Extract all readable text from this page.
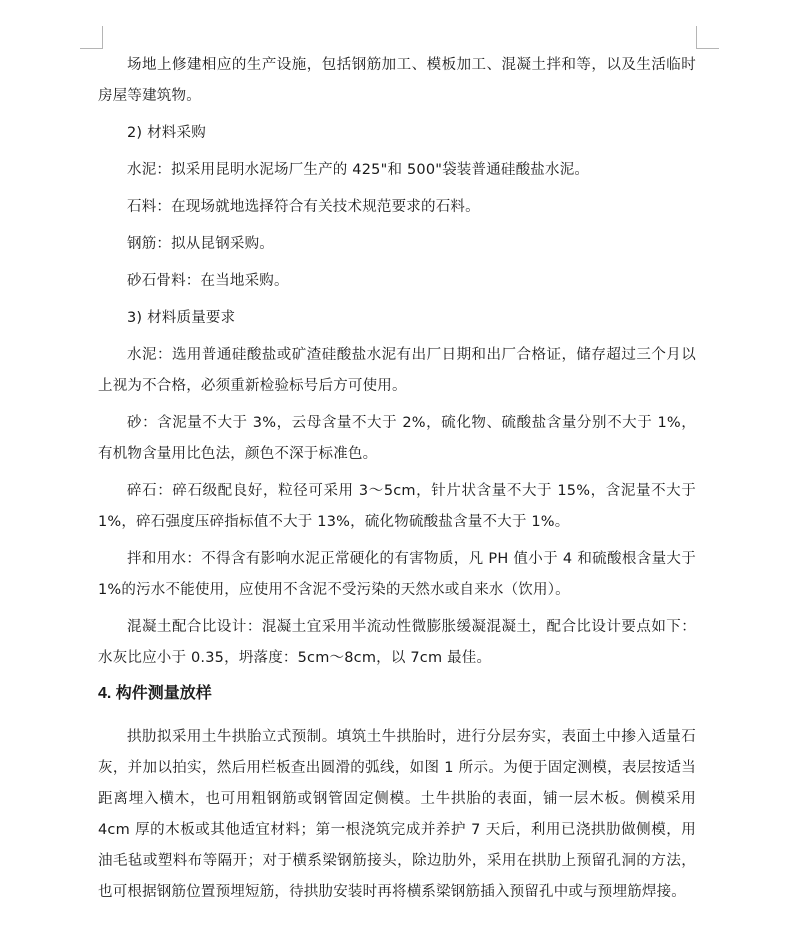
场地上修建相应的生产设施，包括钢筋加工、模板加工、混凝土拌和等，以及生活临时房屋等建筑物。

2) 材料采购

水泥：拟采用昆明水泥场厂生产的 425"和 500"袋装普通硅酸盐水泥。

石料：在现场就地选择符合有关技术规范要求的石料。

钢筋：拟从昆钢采购。

砂石骨料：在当地采购。

3) 材料质量要求

水泥：选用普通硅酸盐或矿渣硅酸盐水泥有出厂日期和出厂合格证，储存超过三个月以上视为不合格，必须重新检验标号后方可使用。

砂：含泥量不大于 3%，云母含量不大于 2%，硫化物、硫酸盐含量分别不大于 1%，有机物含量用比色法，颜色不深于标准色。

碎石：碎石级配良好，粒径可采用 3～5cm，针片状含量不大于 15%，含泥量不大于 1%，碎石强度压碎指标值不大于 13%，硫化物硫酸盐含量不大于 1%。

拌和用水：不得含有影响水泥正常硬化的有害物质，凡 PH 值小于 4 和硫酸根含量大于 1%的污水不能使用，应使用不含泥不受污染的天然水或自来水（饮用）。

混凝土配合比设计：混凝土宜采用半流动性微膨胀缓凝混凝土，配合比设计要点如下：水灰比应小于 0.35，坍落度：5cm～8cm，以 7cm 最佳。

4. 构件测量放样

拱肋拟采用土牛拱胎立式预制。填筑土牛拱胎时，进行分层夯实，表面土中掺入适量石灰，并加以拍实，然后用栏板查出圆滑的弧线，如图 1 所示。为便于固定测模，表层按适当距离埋入横木，也可用粗钢筋或钢管固定侧模。土牛拱胎的表面，铺一层木板。侧模采用 4cm 厚的木板或其他适宜材料；第一根浇筑完成并养护 7 天后，利用已浇拱肋做侧模，用油毛毡或塑料布等隔开；对于横系梁钢筋接头，除边肋外，采用在拱肋上预留孔洞的方法，也可根据钢筋位置预埋短筋，待拱肋安装时再将横系梁钢筋插入预留孔中或与预埋筋焊接。
